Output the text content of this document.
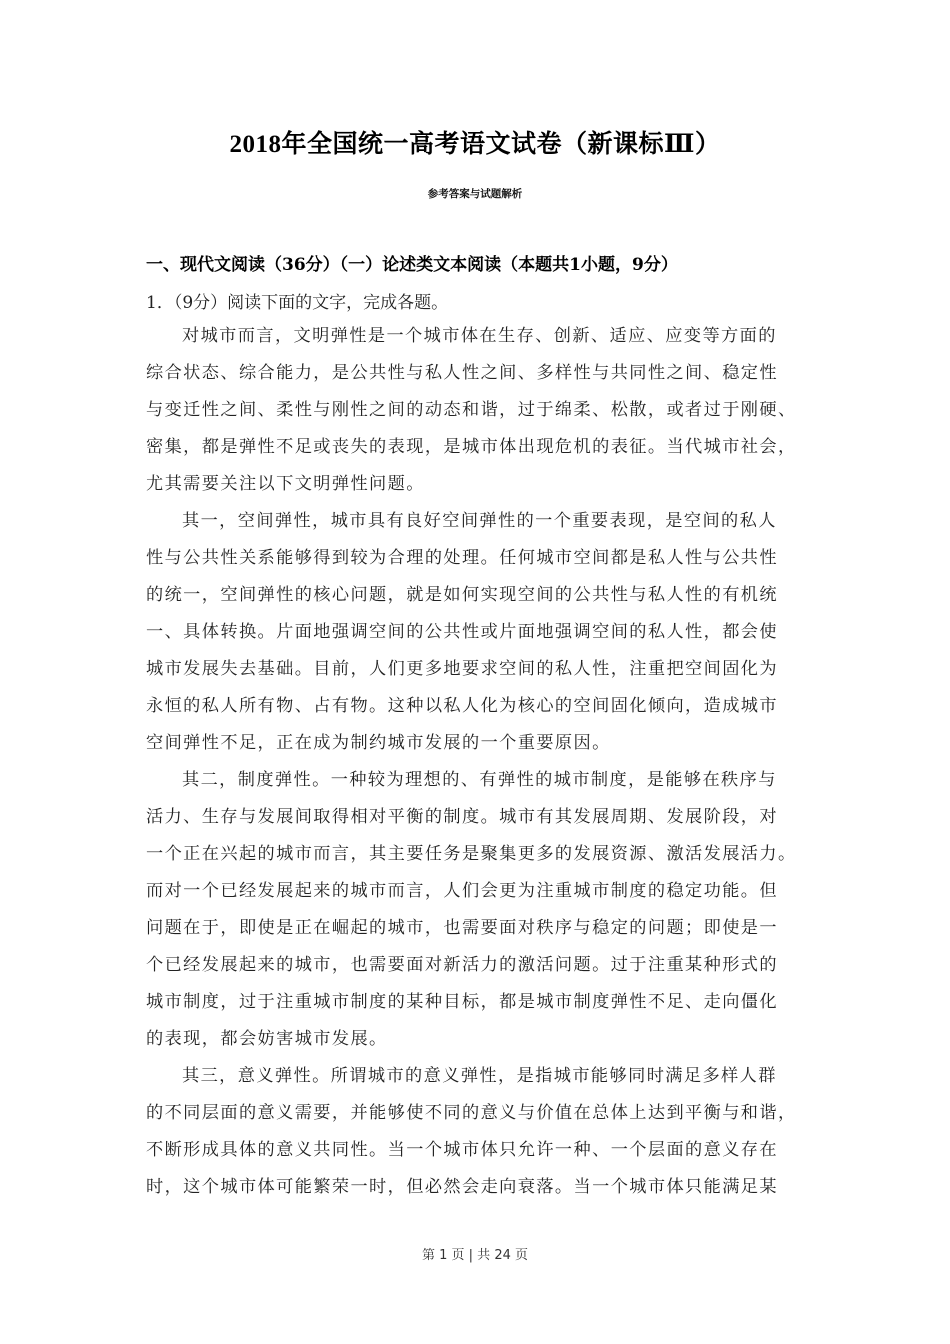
2018年全国统一高考语文试卷（新课标Ⅲ）
参考答案与试题解析
一、现代文阅读（36分）（一）论述类文本阅读（本题共1小题，9分）
1．（9分）阅读下面的文字，完成各题。
对城市而言，文明弹性是一个城市体在生存、创新、适应、应变等方面的
综合状态、综合能力，是公共性与私人性之间、多样性与共同性之间、稳定性
与变迁性之间、柔性与刚性之间的动态和谐，过于绵柔、松散，或者过于刚硬、
密集，都是弹性不足或丧失的表现，是城市体出现危机的表征。当代城市社会，
尤其需要关注以下文明弹性问题。
其一，空间弹性，城市具有良好空间弹性的一个重要表现，是空间的私人
性与公共性关系能够得到较为合理的处理。任何城市空间都是私人性与公共性
的统一，空间弹性的核心问题，就是如何实现空间的公共性与私人性的有机统
一、具体转换。片面地强调空间的公共性或片面地强调空间的私人性，都会使
城市发展失去基础。目前，人们更多地要求空间的私人性，注重把空间固化为
永恒的私人所有物、占有物。这种以私人化为核心的空间固化倾向，造成城市
空间弹性不足，正在成为制约城市发展的一个重要原因。
其二，制度弹性。一种较为理想的、有弹性的城市制度，是能够在秩序与
活力、生存与发展间取得相对平衡的制度。城市有其发展周期、发展阶段，对
一个正在兴起的城市而言，其主要任务是聚集更多的发展资源、激活发展活力。
而对一个已经发展起来的城市而言，人们会更为注重城市制度的稳定功能。但
问题在于，即使是正在崛起的城市，也需要面对秩序与稳定的问题；即使是一
个已经发展起来的城市，也需要面对新活力的激活问题。过于注重某种形式的
城市制度，过于注重城市制度的某种目标，都是城市制度弹性不足、走向僵化
的表现，都会妨害城市发展。
其三，意义弹性。所谓城市的意义弹性，是指城市能够同时满足多样人群
的不同层面的意义需要，并能够使不同的意义与价值在总体上达到平衡与和谐，
不断形成具体的意义共同性。当一个城市体只允许一种、一个层面的意义存在
时，这个城市体可能繁荣一时，但必然会走向衰落。当一个城市体只能满足某
第 1 页 | 共 24 页
